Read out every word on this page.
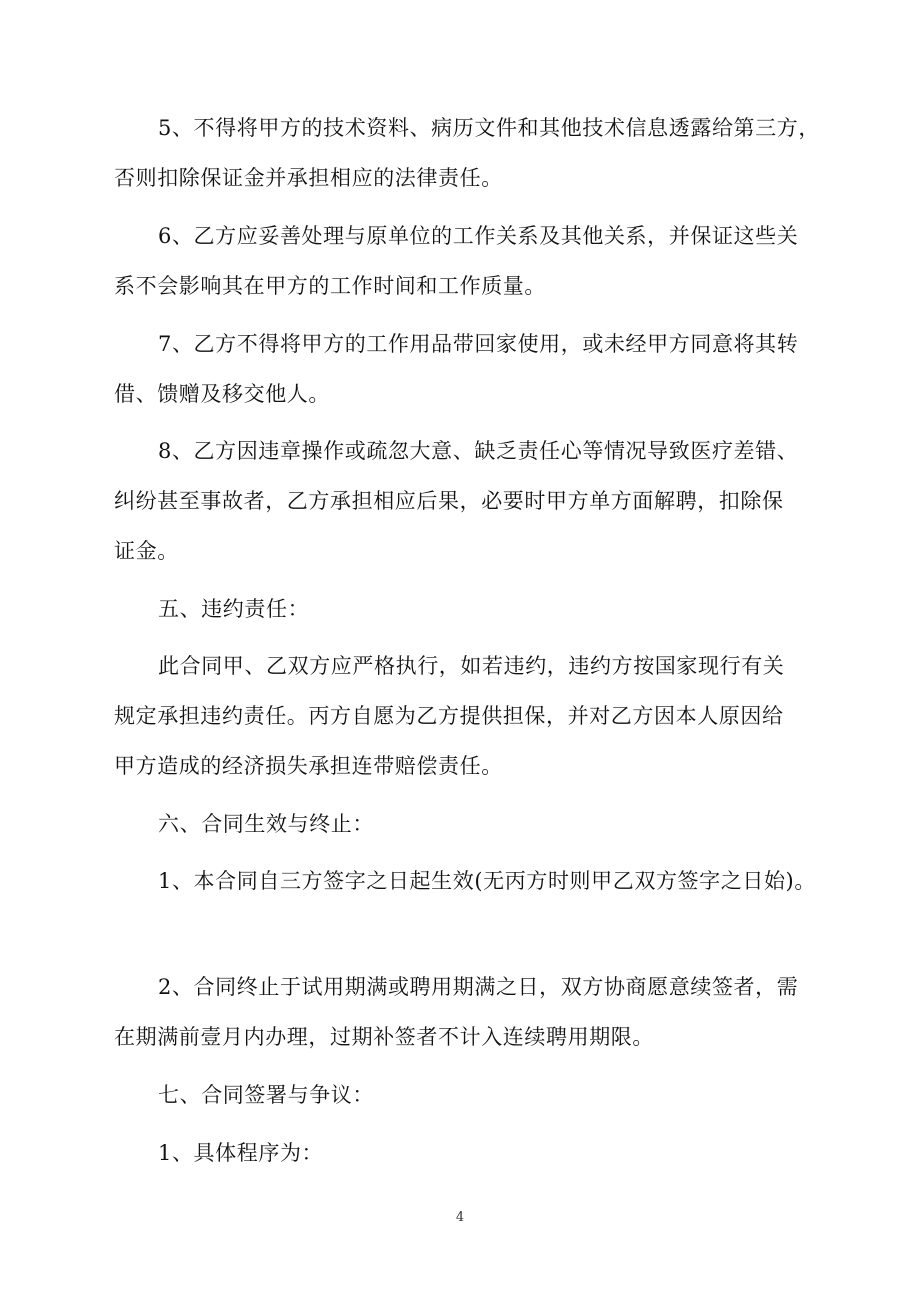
5、不得将甲方的技术资料、病历文件和其他技术信息透露给第三方，
否则扣除保证金并承担相应的法律责任。
6、乙方应妥善处理与原单位的工作关系及其他关系，并保证这些关
系不会影响其在甲方的工作时间和工作质量。
7、乙方不得将甲方的工作用品带回家使用，或未经甲方同意将其转
借、馈赠及移交他人。
8、乙方因违章操作或疏忽大意、缺乏责任心等情况导致医疗差错、
纠纷甚至事故者，乙方承担相应后果，必要时甲方单方面解聘，扣除保
证金。
五、违约责任：
此合同甲、乙双方应严格执行，如若违约，违约方按国家现行有关
规定承担违约责任。丙方自愿为乙方提供担保，并对乙方因本人原因给
甲方造成的经济损失承担连带赔偿责任。
六、合同生效与终止：
1、本合同自三方签字之日起生效(无丙方时则甲乙双方签字之日始)。
2、合同终止于试用期满或聘用期满之日，双方协商愿意续签者，需
在期满前壹月内办理，过期补签者不计入连续聘用期限。
七、合同签署与争议：
1、具体程序为：
4
